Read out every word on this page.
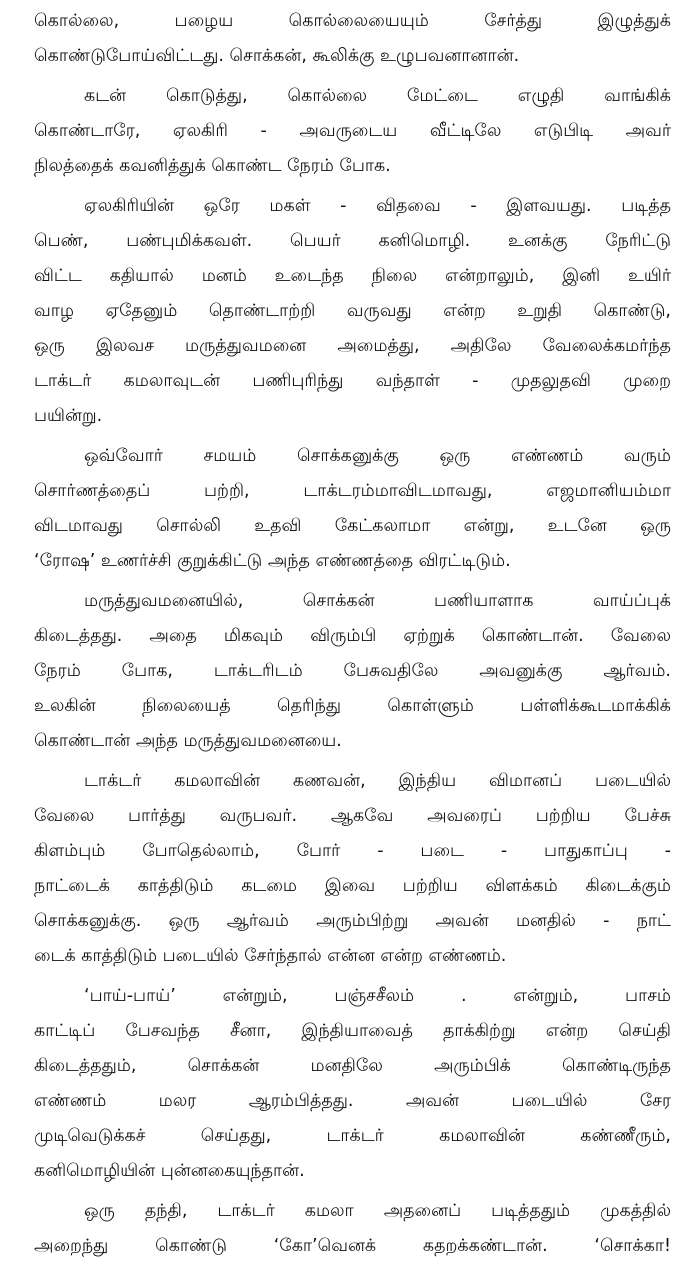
கொல்லை, பழைய கொல்லையையும் சேர்த்து இழுத்துக்
கொண்டுபோய்விட்டது. சொக்கன், கூலிக்கு உழுபவனானான்.
கடன் கொடுத்து, கொல்லை மேட்டை எழுதி வாங்கிக்
கொண்டாரே, ஏலகிரி - அவருடைய வீட்டிலே எடுபிடி அவர்
நிலத்தைக் கவனித்துக் கொண்ட நேரம் போக.
ஏலகிரியின் ஒரே மகள் - விதவை - இளவயது. படித்த
பெண், பண்புமிக்கவள். பெயர் கனிமொழி. உனக்கு நேரிட்டு
விட்ட கதியால் மனம் உடைந்த நிலை என்றாலும், இனி உயிர்
வாழ ஏதேனும் தொண்டாற்றி வருவது என்ற உறுதி கொண்டு,
ஒரு இலவச மருத்துவமனை அமைத்து, அதிலே வேலைக்கமர்ந்த
டாக்டர் கமலாவுடன் பணிபுரிந்து வந்தாள் - முதலுதவி முறை
பயின்று.
ஒவ்வோர் சமயம் சொக்கனுக்கு ஒரு எண்ணம் வரும்
சொர்ணத்தைப் பற்றி, டாக்டரம்மாவிடமாவது, எஜமானியம்மா
விடமாவது சொல்லி உதவி கேட்கலாமா என்று, உடனே ஒரு
‘ரோஷ’ உணர்ச்சி குறுக்கிட்டு அந்த எண்ணத்தை விரட்டிடும்.
மருத்துவமனையில், சொக்கன் பணியாளாக வாய்ப்புக்
கிடைத்தது. அதை மிகவும் விரும்பி ஏற்றுக் கொண்டான். வேலை
நேரம் போக, டாக்டரிடம் பேசுவதிலே அவனுக்கு ஆர்வம்.
உலகின் நிலையைத் தெரிந்து கொள்ளும் பள்ளிக்கூடமாக்கிக்
கொண்டான் அந்த மருத்துவமனையை.
டாக்டர் கமலாவின் கணவன், இந்திய விமானப் படையில்
வேலை பார்த்து வருபவர். ஆகவே அவரைப் பற்றிய பேச்சு
கிளம்பும் போதெல்லாம், போர் - படை - பாதுகாப்பு -
நாட்டைக் காத்திடும் கடமை இவை பற்றிய விளக்கம் கிடைக்கும்
சொக்கனுக்கு. ஒரு ஆர்வம் அரும்பிற்று அவன் மனதில் - நாட்
டைக் காத்திடும் படையில் சேர்ந்தால் என்ன என்ற எண்ணம்.
‘பாய்-பாய்’ என்றும், பஞ்சசீலம் . என்றும், பாசம்
காட்டிப் பேசவந்த சீனா, இந்தியாவைத் தாக்கிற்று என்ற செய்தி
கிடைத்ததும், சொக்கன் மனதிலே அரும்பிக் கொண்டிருந்த
எண்ணம் மலர ஆரம்பித்தது. அவன் படையில் சேர
முடிவெடுக்கச் செய்தது, டாக்டர் கமலாவின் கண்ணீரும்,
கனிமொழியின் புன்னகையுந்தான்.
ஒரு தந்தி, டாக்டர் கமலா அதனைப் படித்ததும் முகத்தில்
அறைந்து கொண்டு ‘கோ’வெனக் கதறக்கண்டான். ‘சொக்கா!
